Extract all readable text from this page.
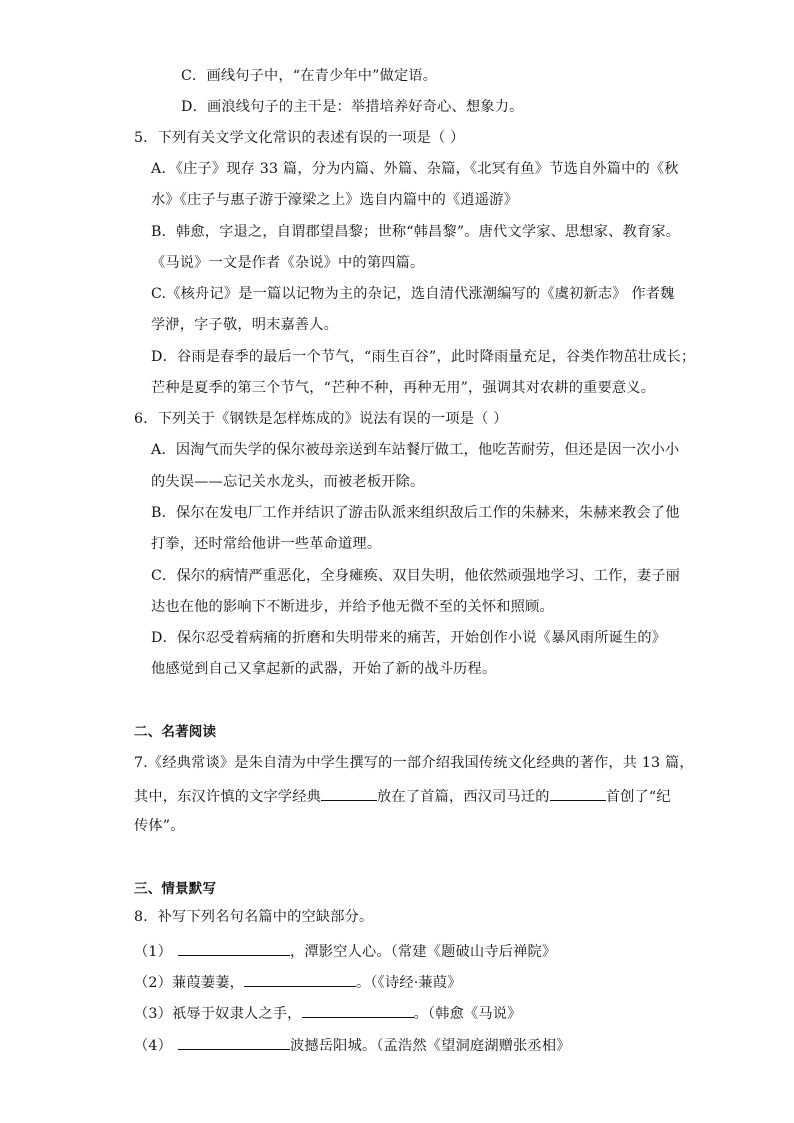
C．画线句子中，“在青少年中”做定语。
D．画浪线句子的主干是：举措培养好奇心、想象力。
5．下列有关文学文化常识的表述有误的一项是（ ）
A．《庄子》现存 33 篇，分为内篇、外篇、杂篇，《北冥有鱼》节选自外篇中的《秋
水》《庄子与惠子游于濠梁之上》选自内篇中的《逍遥游》
B．韩愈，字退之，自谓郡望昌黎；世称“韩昌黎”。唐代文学家、思想家、教育家。
《马说》一文是作者《杂说》中的第四篇。
C.《核舟记》是一篇以记物为主的杂记，选自清代涨潮编写的《虞初新志》 作者魏
学洢，字子敬，明末嘉善人。
D．谷雨是春季的最后一个节气，“雨生百谷”，此时降雨量充足，谷类作物茁壮成长；
芒种是夏季的第三个节气，“芒种不种，再种无用”，强调其对农耕的重要意义。
6．下列关于《钢铁是怎样炼成的》说法有误的一项是（ ）
A．因淘气而失学的保尔被母亲送到车站餐厅做工，他吃苦耐劳，但还是因一次小小
的失误——忘记关水龙头，而被老板开除。
B．保尔在发电厂工作并结识了游击队派来组织敌后工作的朱赫来，朱赫来教会了他
打拳，还时常给他讲一些革命道理。
C．保尔的病情严重恶化，全身瘫痪、双目失明，他依然顽强地学习、工作，妻子丽
达也在他的影响下不断进步，并给予他无微不至的关怀和照顾。
D．保尔忍受着病痛的折磨和失明带来的痛苦，开始创作小说《暴风雨所诞生的》
他感觉到自己又拿起新的武器，开始了新的战斗历程。
二、名著阅读
7.《经典常谈》是朱自清为中学生撰写的一部介绍我国传统文化经典的著作，共 13 篇，
其中，东汉许慎的文字学经典	放在了首篇，西汉司马迁的	首创了“纪
传体”。
三、情景默写
8．补写下列名句名篇中的空缺部分。
（1）	，潭影空人心。（常建《题破山寺后禅院》
（2）蒹葭萋萋，	。（《诗经·蒹葭》
（3）祇辱于奴隶人之手，	。（韩愈《马说》
（4）	波撼岳阳城。（孟浩然《望洞庭湖赠张丞相》
